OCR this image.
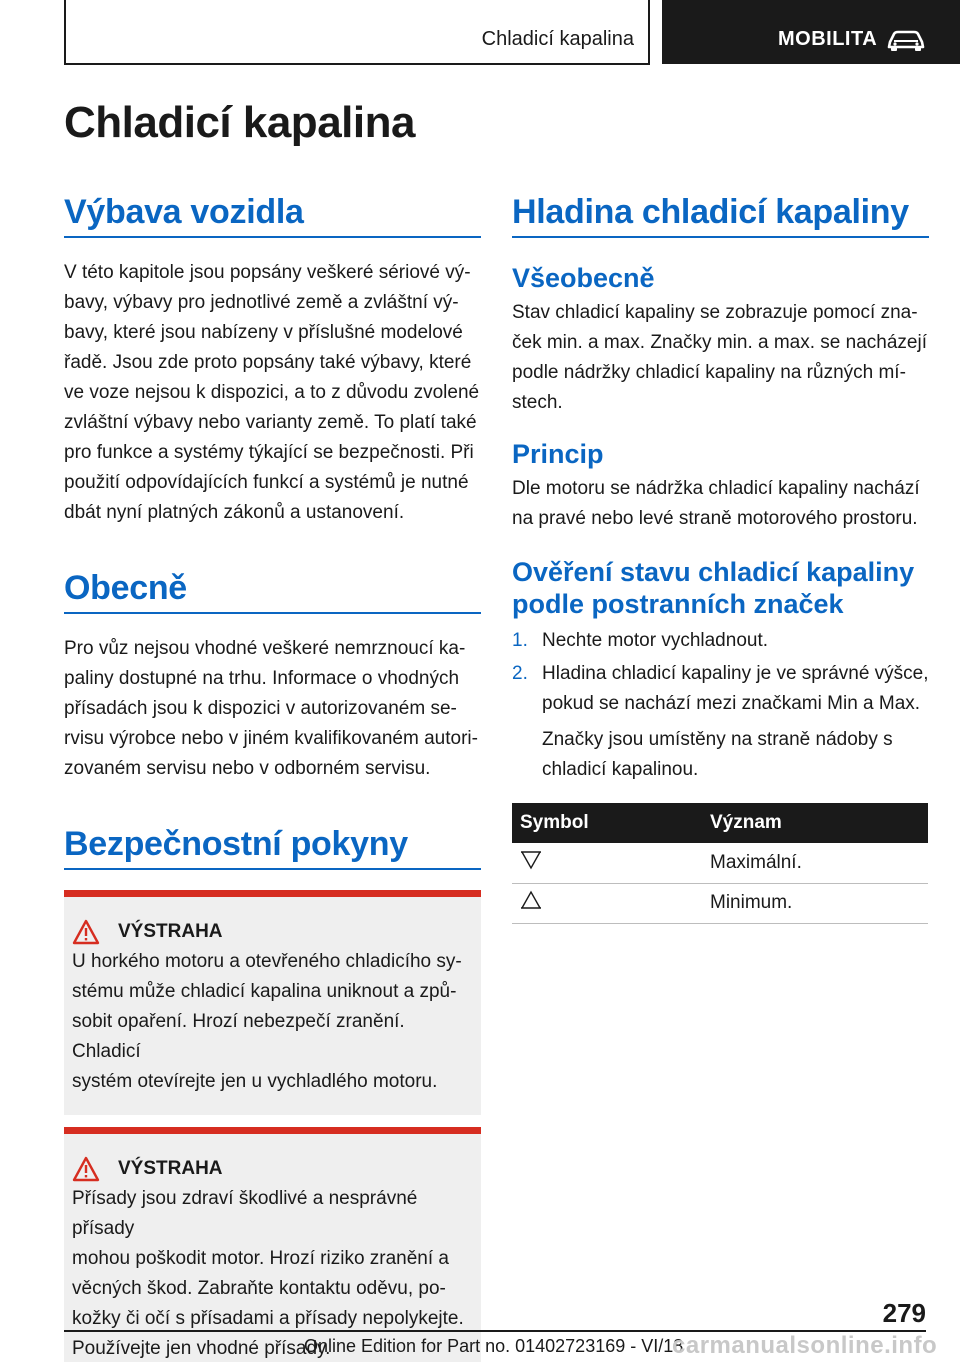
Chladicí kapalina	MOBILITA
Chladicí kapalina
Výbava vozidla

V této kapitole jsou popsány veškeré sériové vý-
bavy, výbavy pro jednotlivé země a zvláštní vý-
bavy, které jsou nabízeny v příslušné modelové
řadě. Jsou zde proto popsány také výbavy, které
ve voze nejsou k dispozici, a to z důvodu zvolené
zvláštní výbavy nebo varianty země. To platí také
pro funkce a systémy týkající se bezpečnosti. Při
použití odpovídajících funkcí a systémů je nutné
dbát nyní platných zákonů a ustanovení.

Obecně

Pro vůz nejsou vhodné veškeré nemrznoucí ka-
paliny dostupné na trhu. Informace o vhodných
přísadách jsou k dispozici v autorizovaném se-
rvisu výrobce nebo v jiném kvalifikovaném autori-
zovaném servisu nebo v odborném servisu.

Bezpečnostní pokyny
VÝSTRAHA

U horkého motoru a otevřeného chladicího sy-
stému může chladicí kapalina uniknout a způ-
sobit opaření. Hrozí nebezpečí zranění. Chladicí
systém otevírejte jen u vychladlého motoru.

VÝSTRAHA

Přísady jsou zdraví škodlivé a nesprávné přísady
mohou poškodit motor. Hrozí riziko zranění a
věcných škod. Zabraňte kontaktu oděvu, po-
kožky či očí s přísadami a přísady nepolykejte.
Používejte jen vhodné přísady.

Hladina chladicí kapaliny
Všeobecně

Stav chladicí kapaliny se zobrazuje pomocí zna-
ček min. a max. Značky min. a max. se nacházejí
podle nádržky chladicí kapaliny na různých mí-
stech.

Princip

Dle motoru se nádržka chladicí kapaliny nachází
na pravé nebo levé straně motorového prostoru.

Ověření stavu chladicí kapaliny
podle postranních značek
1. Nechte motor vychladnout.
2. Hladina chladicí kapaliny je ve správné výšce,
pokud se nachází mezi značkami Min a Max.

Značky jsou umístěny na straně nádoby s
chladicí kapalinou.

Symbol	Význam
	Maximální.
	Minimum.
279
Online Edition for Part no. 01402723169 - VI/18
carmanualsonline.info
